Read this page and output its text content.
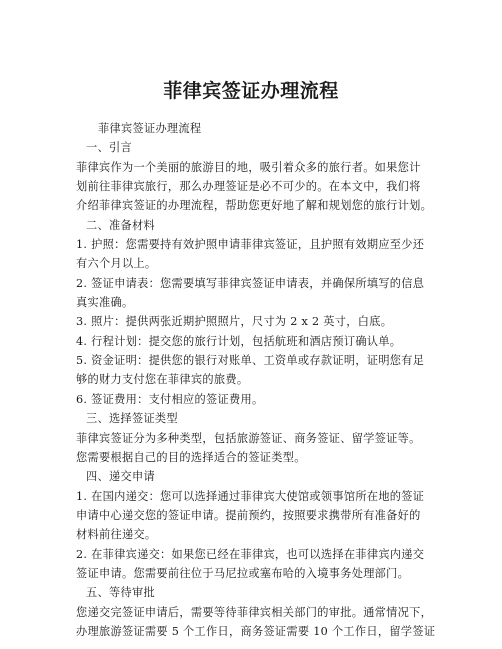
菲律宾签证办理流程
菲律宾签证办理流程
一、引言
菲律宾作为一个美丽的旅游目的地，吸引着众多的旅行者。如果您计
划前往菲律宾旅行，那么办理签证是必不可少的。在本文中，我们将
介绍菲律宾签证的办理流程，帮助您更好地了解和规划您的旅行计划。
二、准备材料
1. 护照：您需要持有效护照申请菲律宾签证，且护照有效期应至少还
有六个月以上。
2. 签证申请表：您需要填写菲律宾签证申请表，并确保所填写的信息
真实准确。
3. 照片：提供两张近期护照照片，尺寸为 2 x 2 英寸，白底。
4. 行程计划：提交您的旅行计划，包括航班和酒店预订确认单。
5. 资金证明：提供您的银行对账单、工资单或存款证明，证明您有足
够的财力支付您在菲律宾的旅费。
6. 签证费用：支付相应的签证费用。
三、选择签证类型
菲律宾签证分为多种类型，包括旅游签证、商务签证、留学签证等。
您需要根据自己的目的选择适合的签证类型。
四、递交申请
1. 在国内递交：您可以选择通过菲律宾大使馆或领事馆所在地的签证
申请中心递交您的签证申请。提前预约，按照要求携带所有准备好的
材料前往递交。
2. 在菲律宾递交：如果您已经在菲律宾，也可以选择在菲律宾内递交
签证申请。您需要前往位于马尼拉或塞布哈的入境事务处理部门。
五、等待审批
您递交完签证申请后，需要等待菲律宾相关部门的审批。通常情况下，
办理旅游签证需要 5 个工作日，商务签证需要 10 个工作日，留学签证
